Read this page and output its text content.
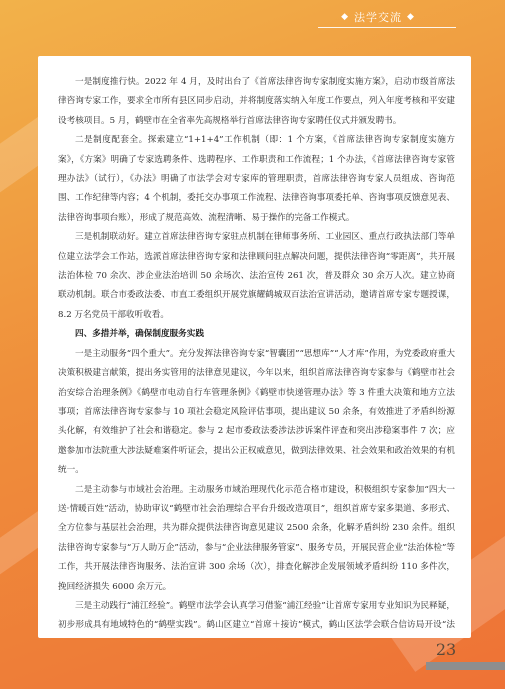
◆ 法学交流 ◆

一是制度推行快。2022 年 4 月，及时出台了《首席法律咨询专家制度实施方案》，启动市级首席法律咨询专家工作，要求全市所有县区同步启动，并将制度落实纳入年度工作要点，列入年度考核和平安建设考核项目。5 月，鹤壁市在全省率先高规格举行首席法律咨询专家聘任仪式并颁发聘书。

二是制度配套全。探索建立“1+1+4”工作机制（即：1 个方案，《首席法律咨询专家制度实施方案》，《方案》明确了专家选聘条件、选聘程序、工作职责和工作流程；1 个办法，《首席法律咨询专家管理办法》（试行），《办法》明确了市法学会对专家库的管理职责，首席法律咨询专家人员组成、咨询范围、工作纪律等内容；4 个机制，委托交办事项工作流程、法律咨询事项委托单、咨询事项反馈意见表、法律咨询事项台账），形成了规范高效、流程清晰、易于操作的完备工作模式。

三是机制联动好。建立首席法律咨询专家驻点机制在律师事务所、工业园区、重点行政执法部门等单位建立法学会工作站，选派首席法律咨询专家和法律顾问驻点解决问题，提供法律咨询“零距离”，共开展法治体检 70 余次、涉企业法治培训 50 余场次、法治宣传 261 次，普及群众 30 余万人次。建立协商联动机制。联合市委政法委、市直工委组织开展党旗耀鹤城双百法治宣讲活动，邀请首席专家专题授课，8.2 万名党员干部收听收看。

四、多措并举，确保制度服务实践

一是主动服务“四个重大”。充分发挥法律咨询专家“智囊团”“思想库”“人才库”作用，为党委政府重大决策积极建言献策，提出务实管用的法律意见建议，今年以来，组织首席法律咨询专家参与《鹤壁市社会治安综合治理条例》《鹤壁市电动自行车管理条例》《鹤壁市快递管理办法》等 3 件重大决策和地方立法事项；首席法律咨询专家参与 10 项社会稳定风险评估事项，提出建议 50 余条，有效推进了矛盾纠纷源头化解，有效维护了社会和谐稳定。参与 2 起市委政法委涉法涉诉案件评查和突出涉稳案事件 7 次；应邀参加市法院重大涉法疑难案件听证会，提出公正权威意见，做到法律效果、社会效果和政治效果的有机统一。

二是主动参与市域社会治理。主动服务市域治理现代化示范合格市建设，积极组织专家参加“四大一送·情暖百姓”活动，协助审议“鹤壁市社会治理综合平台升级改造项目”，组织首席专家多渠道、多形式、全方位参与基层社会治理，共为群众提供法律咨询意见建议 2500 余条，化解矛盾纠纷 230 余件。组织法律咨询专家参与“万人助万企”活动，参与“企业法律服务管家”、服务专员，开展民营企业“法治体检”等工作，共开展法律咨询服务、法治宣讲 300 余场（次），排查化解涉企发展领域矛盾纠纷 110 多件次，挽回经济损失 6000 余万元。

三是主动践行“浦江经验”。鹤壁市法学会认真学习借鉴“浦江经验”让首席专家用专业知识为民释疑，初步形成具有地域特色的“鹤壁实践”。鹤山区建立“首席＋接访”模式，鹤山区法学会联合信访局开设“法

23
